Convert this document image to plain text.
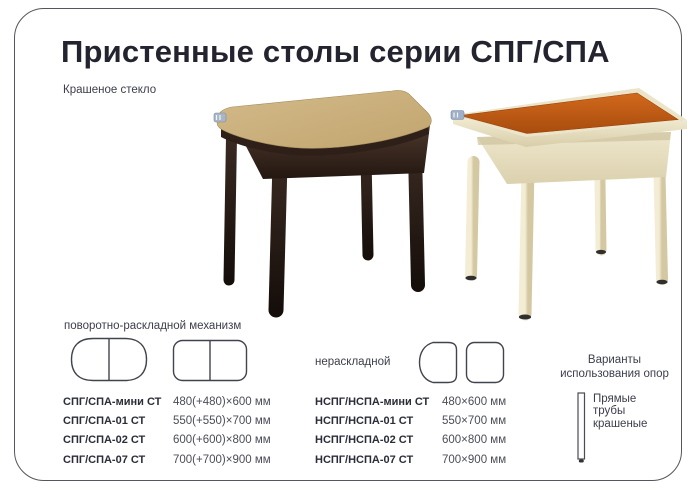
Пристенные столы серии СПГ/СПА
Крашеное стекло
поворотно-раскладной механизм
нераскладной
СПГ/СПА-мини СТ	480(+480)×600 мм
СПГ/СПА-01 СТ	550(+550)×700 мм
СПГ/СПА-02 СТ	600(+600)×800 мм
СПГ/СПА-07 СТ	700(+700)×900 мм
НСПГ/НСПА-мини СТ	480×600 мм
НСПГ/НСПА-01 СТ	550×700 мм
НСПГ/НСПА-02 СТ	600×800 мм
НСПГ/НСПА-07 СТ	700×900 мм
Варианты
использования опор
Прямые
трубы
крашеные
